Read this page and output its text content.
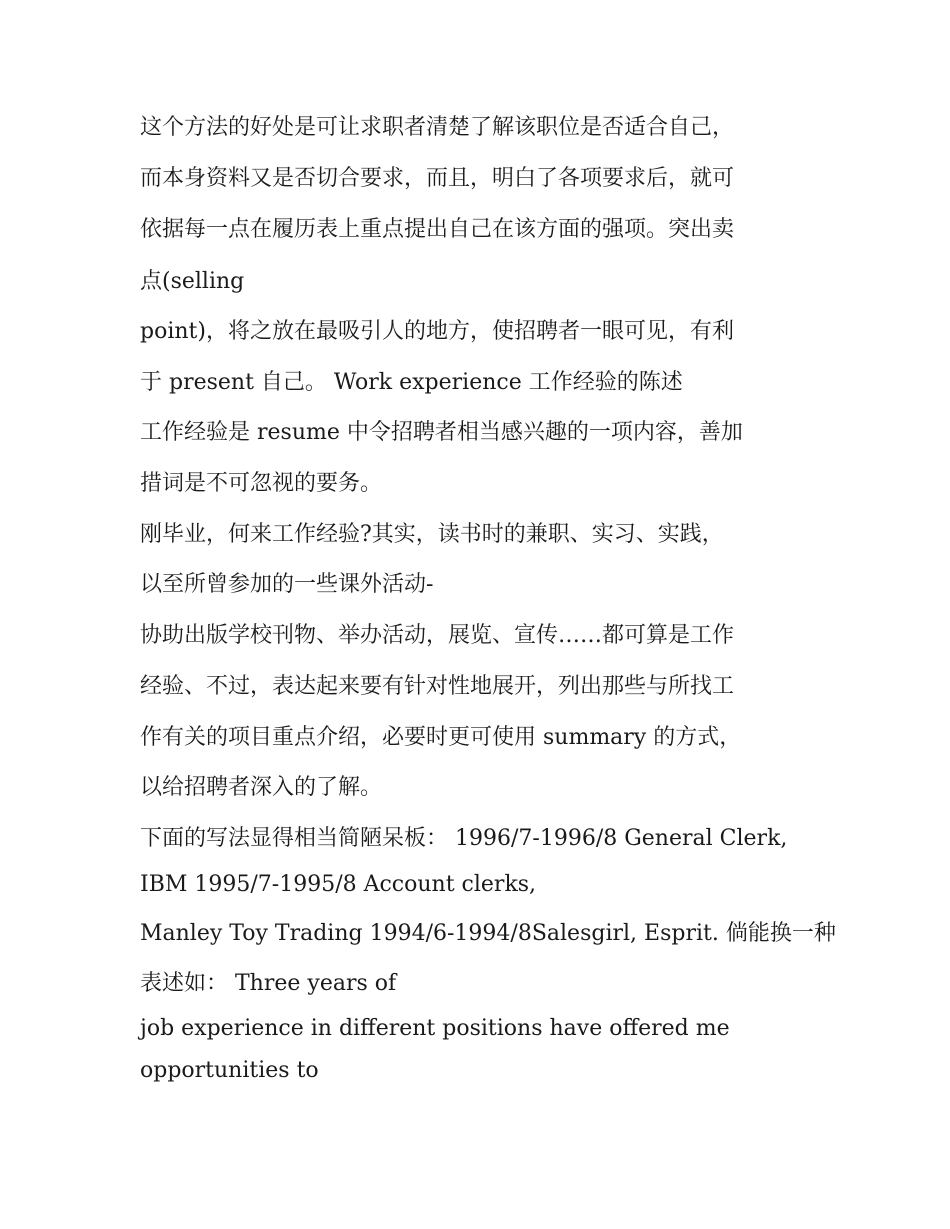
这个方法的好处是可让求职者清楚了解该职位是否适合自己，
而本身资料又是否切合要求，而且，明白了各项要求后，就可
依据每一点在履历表上重点提出自己在该方面的强项。突出卖
点(selling
point)，将之放在最吸引人的地方，使招聘者一眼可见，有利
于 present 自己。 Work experience 工作经验的陈述
工作经验是 resume 中令招聘者相当感兴趣的一项内容，善加
措词是不可忽视的要务。
刚毕业，何来工作经验?其实，读书时的兼职、实习、实践，
以至所曾参加的一些课外活动-
协助出版学校刊物、举办活动，展览、宣传……都可算是工作
经验、不过，表达起来要有针对性地展开，列出那些与所找工
作有关的项目重点介绍，必要时更可使用 summary 的方式，
以给招聘者深入的了解。
下面的写法显得相当简陋呆板： 1996/7-1996/8 General Clerk,
IBM 1995/7-1995/8 Account clerks,
Manley Toy Trading 1994/6-1994/8Salesgirl, Esprit. 倘能换一种
表述如： Three years of
job experience in different positions have offered me
opportunities to
